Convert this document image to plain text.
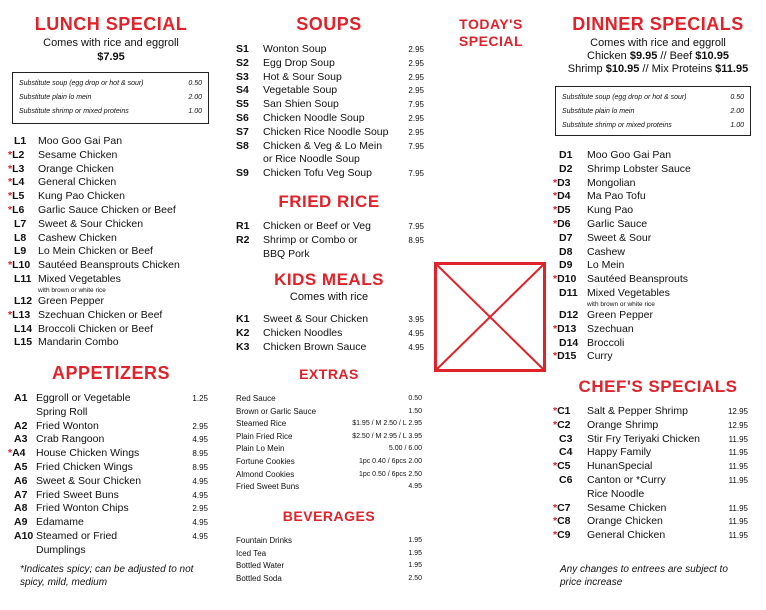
LUNCH SPECIAL
Comes with rice and eggroll
$7.95
Substitute soup (egg drop or hot & sour)	0.50
Substitute plain lo mein	2.00
Substitute shrimp or mixed proteins	1.00
L1	Moo Goo Gai Pan
*L2	Sesame Chicken
*L3	Orange Chicken
*L4	General Chicken
*L5	Kung Pao Chicken
*L6	Garlic Sauce Chicken or Beef
L7	Sweet & Sour Chicken
L8	Cashew Chicken
L9	Lo Mein Chicken or Beef
*L10 Sautéed Beansprouts Chicken
L11 Mixed Vegetables
with brown or white rice
L12 Green Pepper
*L13 Szechuan Chicken or Beef
L14 Broccoli Chicken or Beef
L15 Mandarin Combo
APPETIZERS
A1 Eggroll or Vegetable
Spring Roll
1.25
A2 Fried Wonton	2.95
A3 Crab Rangoon	4.95
*A4 House Chicken Wings	8.95
A5 Fried Chicken Wings	8.95
A6 Sweet & Sour Chicken	4.95
A7 Fried Sweet Buns	4.95
A8 Fried Wonton Chips	2.95
A9 Edamame	4.95
A10 Steamed or Fried
Dumplings
4.95
*Indicates spicy; can be adjusted to not spicy, mild, medium
SOUPS
S1	Wonton Soup	2.95
S2	Egg Drop Soup	2.95
S3	Hot & Sour Soup	2.95
S4	Vegetable Soup	2.95
S5	San Shien Soup	7.95
S6	Chicken Noodle Soup	2.95
S7	Chicken Rice Noodle Soup	2.95
S8	Chicken & Veg & Lo Mein
or Rice Noodle Soup
7.95
S9	Chicken Tofu Veg Soup	7.95
FRIED RICE
R1	Chicken or Beef or Veg	7.95
R2	Shrimp or Combo or
BBQ Pork
8.95
KIDS MEALS
Comes with rice
K1	Sweet & Sour Chicken	3.95
K2	Chicken Noodles	4.95
K3	Chicken Brown Sauce	4.95
EXTRAS
Red Sauce	0.50
Brown or Garlic Sauce	1.50
Steamed Rice	$1.95 / M 2.50 / L 2.95
Plain Fried Rice	$2.50 / M 2.95 / L 3.95
Plain Lo Mein	5.00 / 6.00
Fortune Cookies	1pc 0.40 / 6pcs 2.00
Almond Cookies	1pc 0.50 / 6pcs 2.50
Fried Sweet Buns	4.95
BEVERAGES
Fountain Drinks	1.95
Iced Tea	1.95
Bottled Water	1.95
Bottled Soda	2.50
TODAY'S
SPECIAL
DINNER SPECIALS
Comes with rice and eggroll
Chicken $9.95 // Beef $10.95
Shrimp $10.95 // Mix Proteins $11.95
Substitute soup (egg drop or hot & sour)	0.50
Substitute plain lo mein	2.00
Substitute shrimp or mixed proteins	1.00
D1	Moo Goo Gai Pan
D2	Shrimp Lobster Sauce
*D3	Mongolian
*D4	Ma Pao Tofu
*D5	Kung Pao
*D6	Garlic Sauce
D7	Sweet & Sour
D8	Cashew
D9	Lo Mein
*D10	Sautéed Beansprouts
D11 Mixed Vegetables
with brown or white rice
D12 Green Pepper
*D13	Szechuan
D14 Broccoli
*D15	Curry
CHEF'S SPECIALS
*C1	Salt & Pepper Shrimp	12.95
*C2	Orange Shrimp	12.95
C3	Stir Fry Teriyaki Chicken	11.95
C4	Happy Family	11.95
*C5	HunanSpecial	11.95
C6	Canton or *Curry
Rice Noodle
11.95
*C7	Sesame Chicken	11.95
*C8	Orange Chicken	11.95
*C9	General Chicken	11.95
Any changes to entrees are subject to price increase
